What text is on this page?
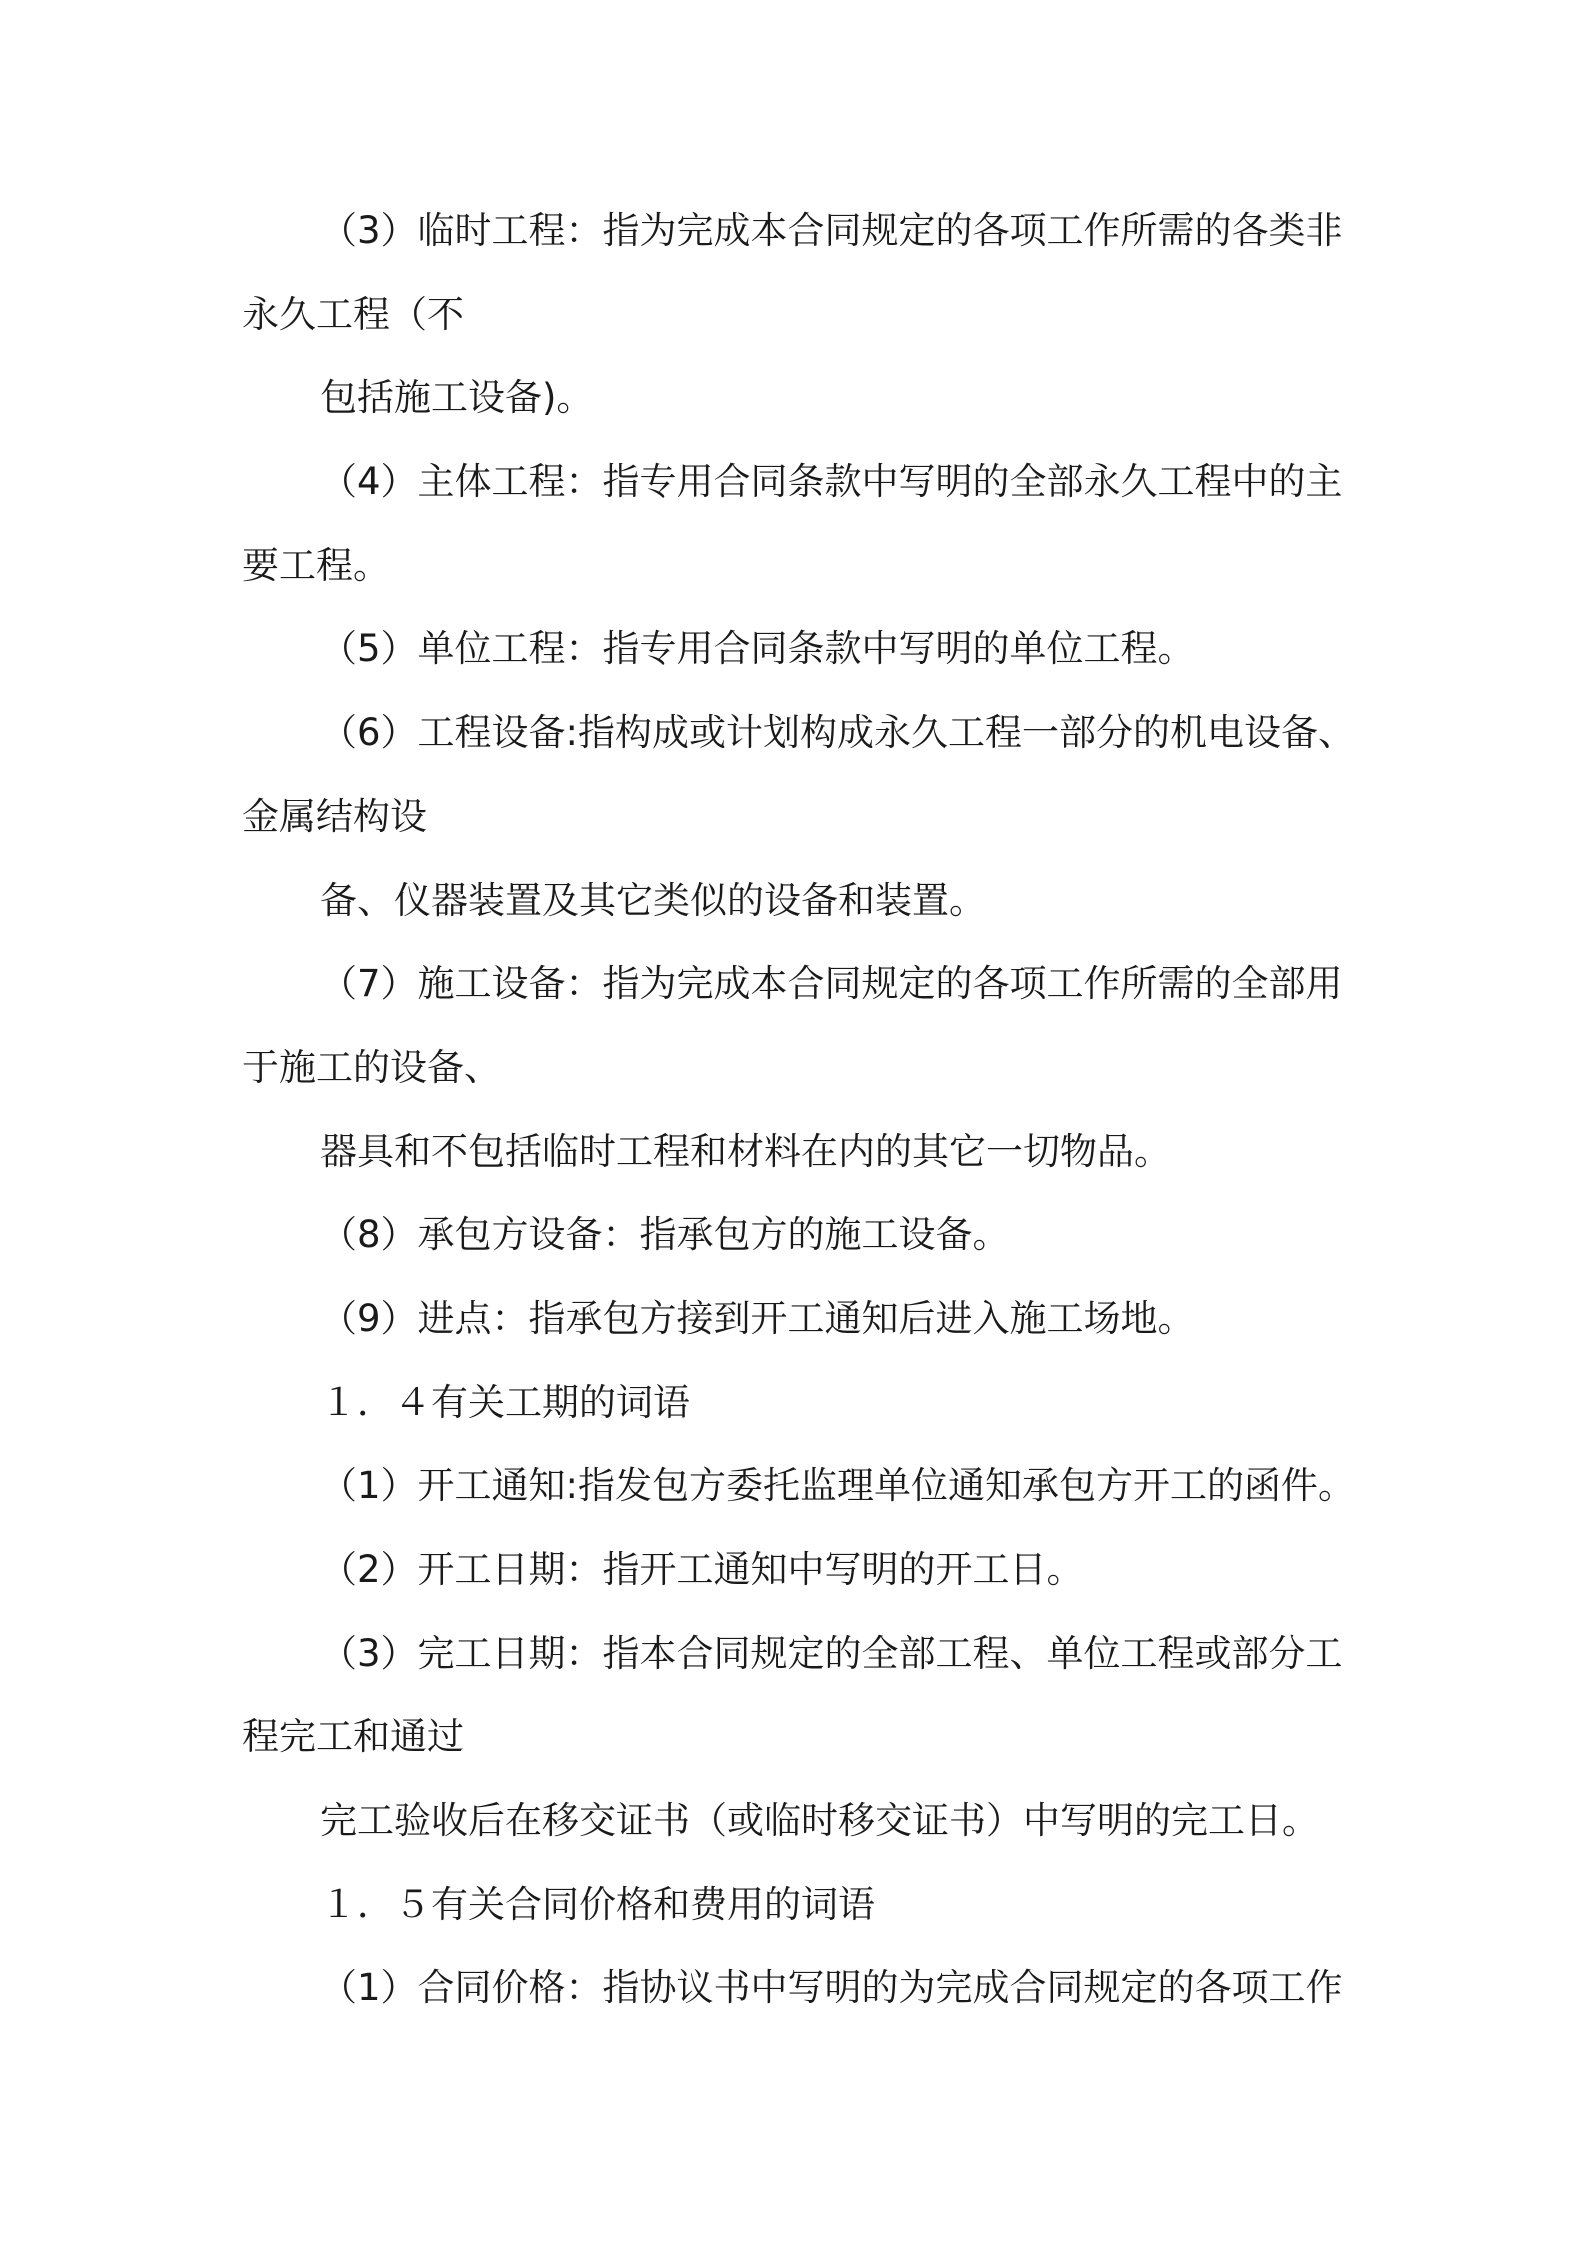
（3）临时工程：指为完成本合同规定的各项工作所需的各类非
永久工程（不
包括施工设备)。
（4）主体工程：指专用合同条款中写明的全部永久工程中的主
要工程。
（5）单位工程：指专用合同条款中写明的单位工程。
（6）工程设备:指构成或计划构成永久工程一部分的机电设备、
金属结构设
备、仪器装置及其它类似的设备和装置。
（7）施工设备：指为完成本合同规定的各项工作所需的全部用
于施工的设备、
器具和不包括临时工程和材料在内的其它一切物品。
（8）承包方设备：指承包方的施工设备。
（9）进点：指承包方接到开工通知后进入施工场地。
１．４有关工期的词语
（1）开工通知:指发包方委托监理单位通知承包方开工的函件。
（2）开工日期：指开工通知中写明的开工日。
（3）完工日期：指本合同规定的全部工程、单位工程或部分工
程完工和通过
完工验收后在移交证书（或临时移交证书）中写明的完工日。
１．５有关合同价格和费用的词语
（1）合同价格：指协议书中写明的为完成合同规定的各项工作
